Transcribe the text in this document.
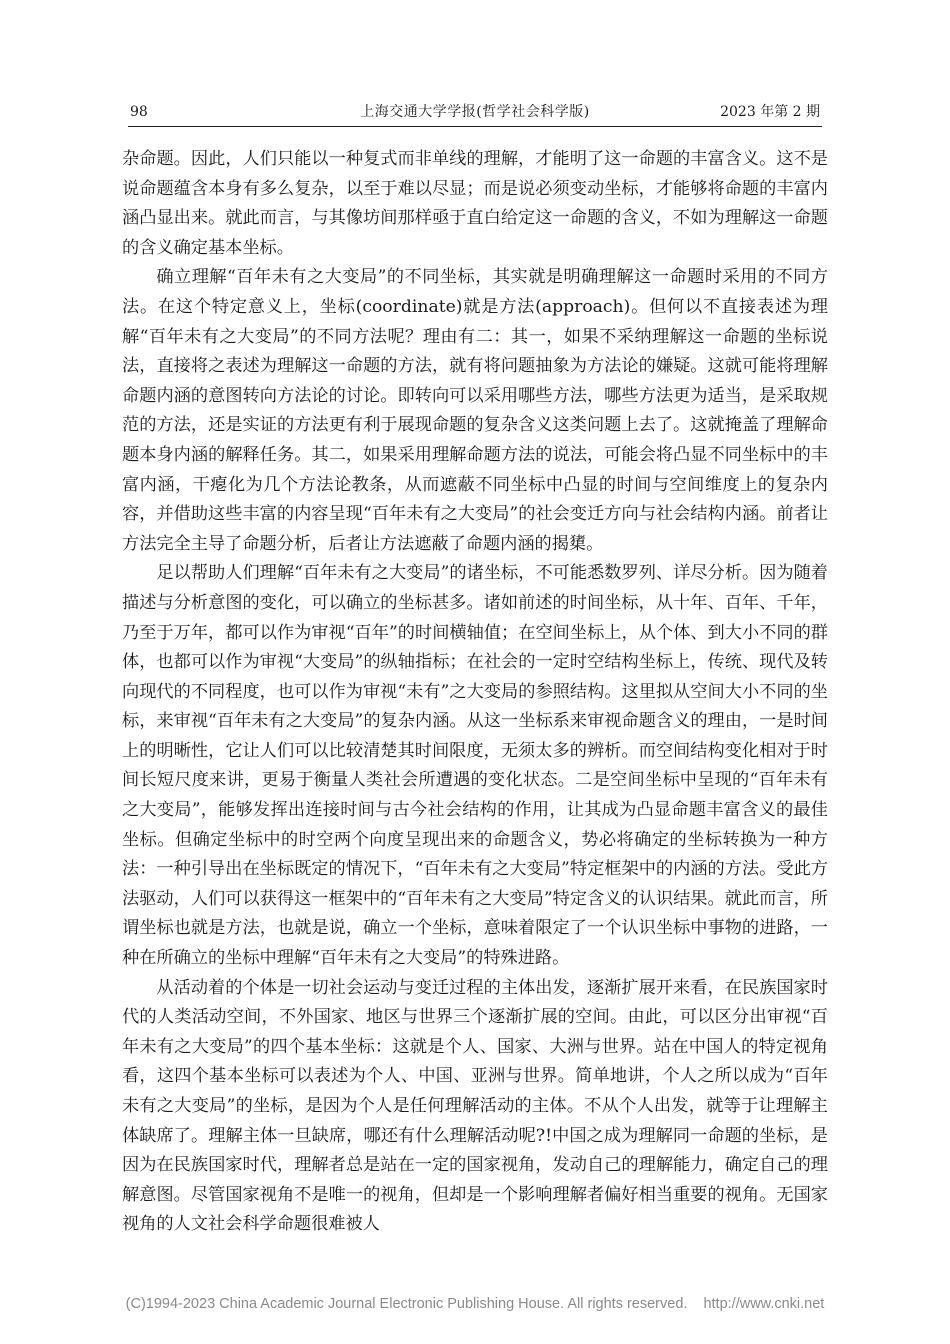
98	上海交通大学学报(哲学社会科学版)	2023 年第 2 期

杂命题。因此，人们只能以一种复式而非单线的理解，才能明了这一命题的丰富含义。这不是说命题蕴含本身有多么复杂，以至于难以尽显；而是说必须变动坐标，才能够将命题的丰富内涵凸显出来。就此而言，与其像坊间那样亟于直白给定这一命题的含义，不如为理解这一命题的含义确定基本坐标。

确立理解“百年未有之大变局”的不同坐标，其实就是明确理解这一命题时采用的不同方法。在这个特定意义上，坐标(coordinate)就是方法(approach)。但何以不直接表述为理解“百年未有之大变局”的不同方法呢？理由有二：其一，如果不采纳理解这一命题的坐标说法，直接将之表述为理解这一命题的方法，就有将问题抽象为方法论的嫌疑。这就可能将理解命题内涵的意图转向方法论的讨论。即转向可以采用哪些方法，哪些方法更为适当，是采取规范的方法，还是实证的方法更有利于展现命题的复杂含义这类问题上去了。这就掩盖了理解命题本身内涵的解释任务。其二，如果采用理解命题方法的说法，可能会将凸显不同坐标中的丰富内涵，干瘪化为几个方法论教条，从而遮蔽不同坐标中凸显的时间与空间维度上的复杂内容，并借助这些丰富的内容呈现“百年未有之大变局”的社会变迁方向与社会结构内涵。前者让方法完全主导了命题分析，后者让方法遮蔽了命题内涵的揭橥。

足以帮助人们理解“百年未有之大变局”的诸坐标，不可能悉数罗列、详尽分析。因为随着描述与分析意图的变化，可以确立的坐标甚多。诸如前述的时间坐标，从十年、百年、千年，乃至于万年，都可以作为审视“百年”的时间横轴值；在空间坐标上，从个体、到大小不同的群体，也都可以作为审视“大变局”的纵轴指标；在社会的一定时空结构坐标上，传统、现代及转向现代的不同程度，也可以作为审视“未有”之大变局的参照结构。这里拟从空间大小不同的坐标，来审视“百年未有之大变局”的复杂内涵。从这一坐标系来审视命题含义的理由，一是时间上的明晰性，它让人们可以比较清楚其时间限度，无须太多的辨析。而空间结构变化相对于时间长短尺度来讲，更易于衡量人类社会所遭遇的变化状态。二是空间坐标中呈现的“百年未有之大变局”，能够发挥出连接时间与古今社会结构的作用，让其成为凸显命题丰富含义的最佳坐标。但确定坐标中的时空两个向度呈现出来的命题含义，势必将确定的坐标转换为一种方法：一种引导出在坐标既定的情况下，“百年未有之大变局”特定框架中的内涵的方法。受此方法驱动，人们可以获得这一框架中的“百年未有之大变局”特定含义的认识结果。就此而言，所谓坐标也就是方法，也就是说，确立一个坐标，意味着限定了一个认识坐标中事物的进路，一种在所确立的坐标中理解“百年未有之大变局”的特殊进路。

从活动着的个体是一切社会运动与变迁过程的主体出发，逐渐扩展开来看，在民族国家时代的人类活动空间，不外国家、地区与世界三个逐渐扩展的空间。由此，可以区分出审视“百年未有之大变局”的四个基本坐标：这就是个人、国家、大洲与世界。站在中国人的特定视角看，这四个基本坐标可以表述为个人、中国、亚洲与世界。简单地讲，个人之所以成为“百年未有之大变局”的坐标，是因为个人是任何理解活动的主体。不从个人出发，就等于让理解主体缺席了。理解主体一旦缺席，哪还有什么理解活动呢?!中国之成为理解同一命题的坐标，是因为在民族国家时代，理解者总是站在一定的国家视角，发动自己的理解能力，确定自己的理解意图。尽管国家视角不是唯一的视角，但却是一个影响理解者偏好相当重要的视角。无国家视角的人文社会科学命题很难被人

(C)1994-2023 China Academic Journal Electronic Publishing House. All rights reserved. http://www.cnki.net
